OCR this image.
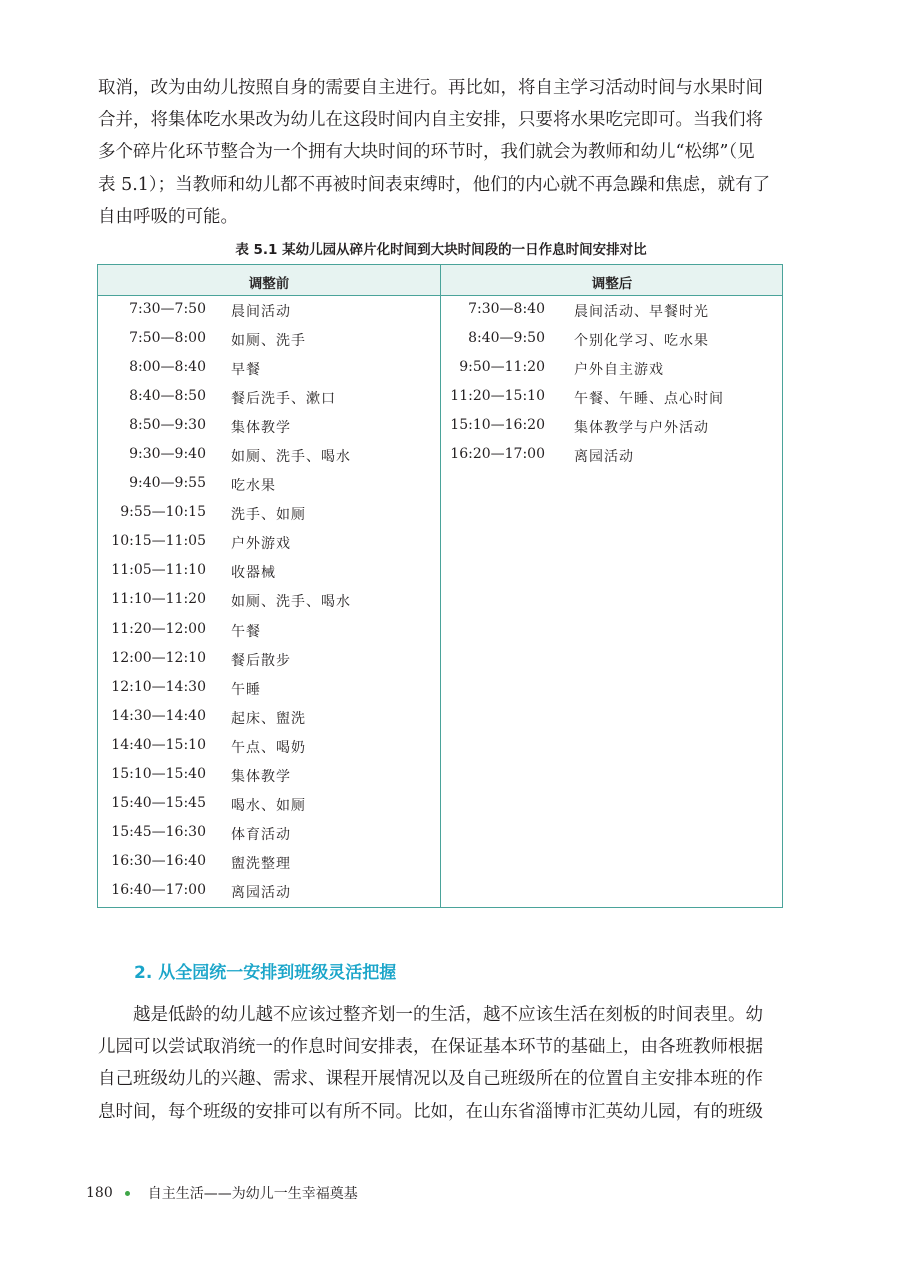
取消，改为由幼儿按照自身的需要自主进行。再比如，将自主学习活动时间与水果时间
合并，将集体吃水果改为幼儿在这段时间内自主安排，只要将水果吃完即可。当我们将
多个碎片化环节整合为一个拥有大块时间的环节时，我们就会为教师和幼儿“松绑”（见
表 5.1）；当教师和幼儿都不再被时间表束缚时，他们的内心就不再急躁和焦虑，就有了
自由呼吸的可能。
表 5.1 某幼儿园从碎片化时间到大块时间段的一日作息时间安排对比
调整前	调整后
7:30—7:50 晨间活动
7:50—8:00 如厕、洗手
8:00—8:40 早餐
8:40—8:50 餐后洗手、漱口
8:50—9:30 集体教学
9:30—9:40 如厕、洗手、喝水
9:40—9:55 吃水果
9:55—10:15 洗手、如厕
10:15—11:05 户外游戏
11:05—11:10 收器械
11:10—11:20 如厕、洗手、喝水
11:20—12:00 午餐
12:00—12:10 餐后散步
12:10—14:30 午睡
14:30—14:40 起床、盥洗
14:40—15:10 午点、喝奶
15:10—15:40 集体教学
15:40—15:45 喝水、如厕
15:45—16:30 体育活动
16:30—16:40 盥洗整理
16:40—17:00 离园活动
7:30—8:40 晨间活动、早餐时光
8:40—9:50 个别化学习、吃水果
9:50—11:20 户外自主游戏
11:20—15:10 午餐、午睡、点心时间
15:10—16:20 集体教学与户外活动
16:20—17:00 离园活动
2. 从全园统一安排到班级灵活把握
　　越是低龄的幼儿越不应该过整齐划一的生活，越不应该生活在刻板的时间表里。幼
儿园可以尝试取消统一的作息时间安排表，在保证基本环节的基础上，由各班教师根据
自己班级幼儿的兴趣、需求、课程开展情况以及自己班级所在的位置自主安排本班的作
息时间，每个班级的安排可以有所不同。比如，在山东省淄博市汇英幼儿园，有的班级
180	自主生活——为幼儿一生幸福奠基
